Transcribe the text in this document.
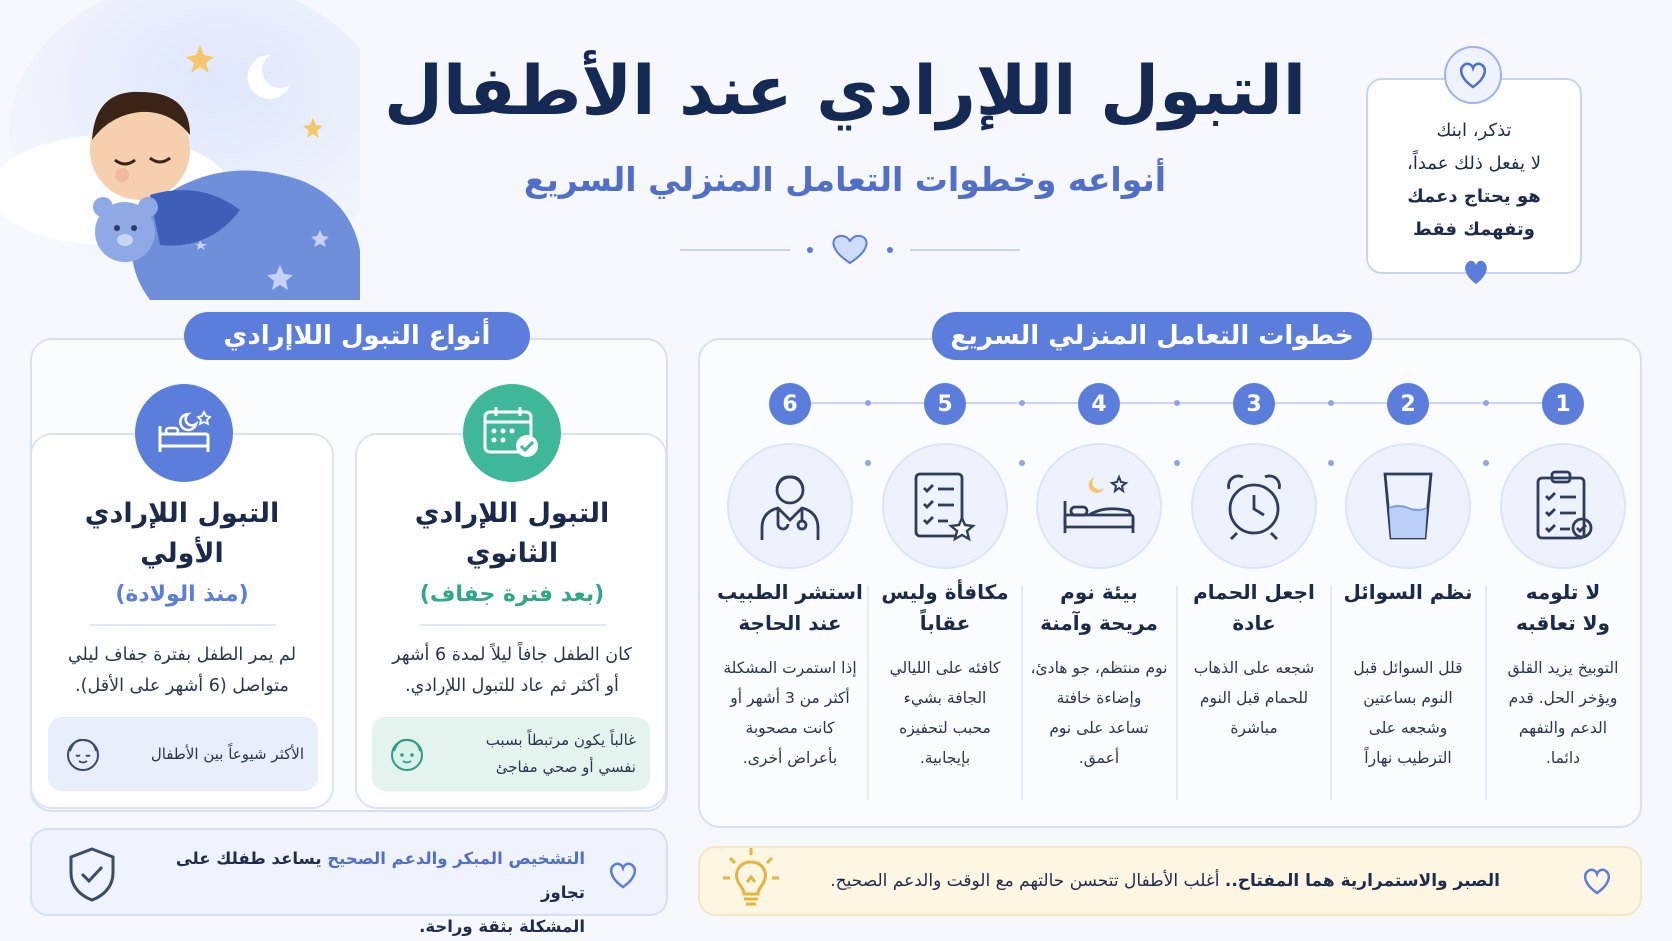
التبول اللإرادي عند الأطفال
أنواعه وخطوات التعامل المنزلي السريع
تذكر، ابنك
لا يفعل ذلك عمداً،
هو يحتاج دعمك
وتفهمك فقط
أنواع التبول اللاإرادي
التبول اللإرادي
الأولي
(منذ الولادة)
لم يمر الطفل بفترة جفاف ليلي
متواصل (6 أشهر على الأقل).
الأكثر شيوعاً بين الأطفال
التبول اللإرادي
الثانوي
(بعد فترة جفاف)
كان الطفل جافاً ليلاً لمدة 6 أشهر
أو أكثر ثم عاد للتبول اللإرادي.
غالباً يكون مرتبطاً بسبب
نفسي أو صحي مفاجئ
التشخيص المبكر والدعم الصحيح يساعد طفلك على تجاوز
المشكلة بثقة وراحة.
خطوات التعامل المنزلي السريع
1
لا تلومه
ولا تعاقبه
التوبيخ يزيد القلق
ويؤخر الحل. قدم
الدعم والتفهم
دائما.
2
نظم السوائل
قلل السوائل قبل
النوم بساعتين
وشجعه على
الترطيب نهاراً
3
اجعل الحمام
عادة
شجعه على الذهاب
للحمام قبل النوم
مباشرة
4
بيئة نوم
مريحة وآمنة
نوم منتظم، جو هادئ،
وإضاءة خافتة
تساعد على نوم
أعمق.
5
مكافأة وليس
عقاباً
كافئه على الليالي
الجافة بشيء
محبب لتحفيزه
بإيجابية.
6
استشر الطبيب
عند الحاجة
إذا استمرت المشكلة
أكثر من 3 أشهر أو
كانت مصحوبة
بأعراض أخرى.
الصبر والاستمرارية هما المفتاح.. أغلب الأطفال تتحسن حالتهم مع الوقت والدعم الصحيح.
